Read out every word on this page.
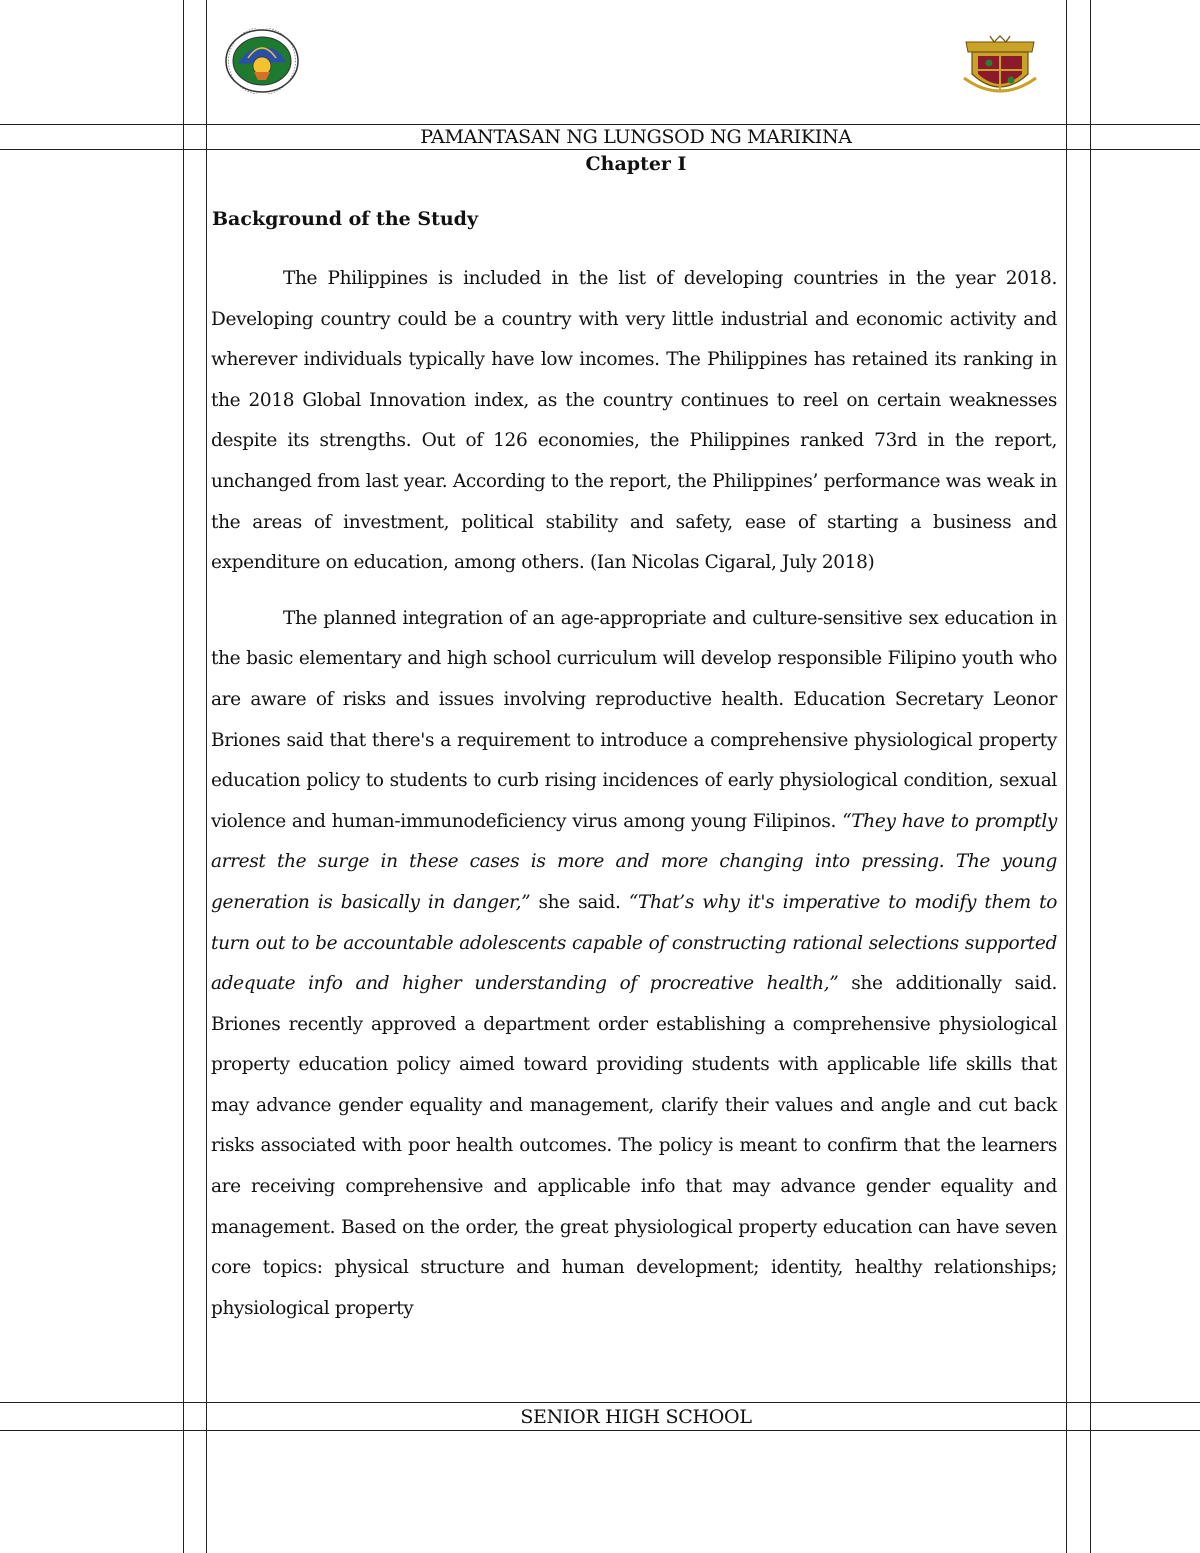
PAMANTASAN NG LUNGSOD NG MARIKINA
Chapter I
Background of the Study

The Philippines is included in the list of developing countries in the year 2018. Developing country could be a country with very little industrial and economic activity and wherever individuals typically have low incomes. The Philippines has retained its ranking in the 2018 Global Innovation index, as the country continues to reel on certain weaknesses despite its strengths. Out of 126 economies, the Philippines ranked 73rd in the report, unchanged from last year. According to the report, the Philippines’ performance was weak in the areas of investment, political stability and safety, ease of starting a business and expenditure on education, among others. (Ian Nicolas Cigaral, July 2018)

The planned integration of an age-appropriate and culture-sensitive sex education in the basic elementary and high school curriculum will develop responsible Filipino youth who are aware of risks and issues involving reproductive health. Education Secretary Leonor Briones said that there's a requirement to introduce a comprehensive physiological property education policy to students to curb rising incidences of early physiological condition, sexual violence and human-immunodeficiency virus among young Filipinos. “They have to promptly arrest the surge in these cases is more and more changing into pressing. The young generation is basically in danger,” she said. “That’s why it's imperative to modify them to turn out to be accountable adolescents capable of constructing rational selections supported adequate info and higher understanding of procreative health,” she additionally said. Briones recently approved a department order establishing a comprehensive physiological property education policy aimed toward providing students with applicable life skills that may advance gender equality and management, clarify their values and angle and cut back risks associated with poor health outcomes. The policy is meant to confirm that the learners are receiving comprehensive and applicable info that may advance gender equality and management. Based on the order, the great physiological property education can have seven core topics: physical structure and human development; identity, healthy relationships; physiological property

SENIOR HIGH SCHOOL
